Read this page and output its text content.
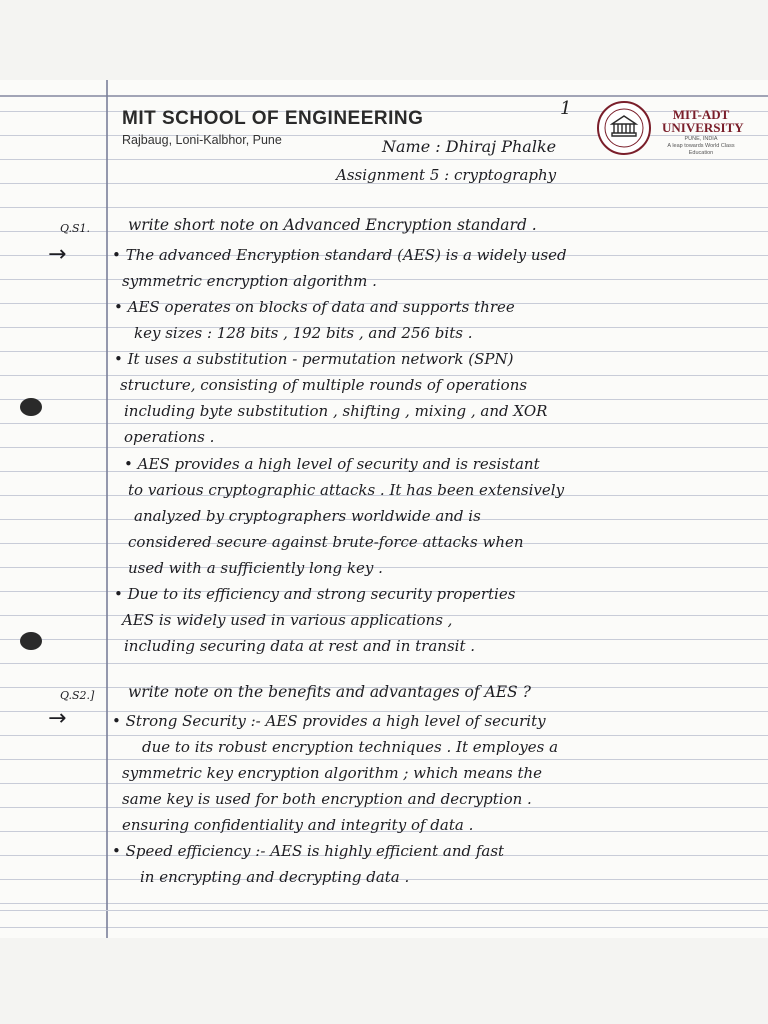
MIT SCHOOL OF ENGINEERING
Rajbaug, Loni-Kalbhor, Pune
1	MIT-ADT UNIVERSITY
PUNE, INDIA
A leap towards World Class Education
Name : Dhiraj Phalke
Assignment 5 : cryptography
Q.S1. write short note on Advanced Encryption standard .
→	• The advanced Encryption standard (AES) is a widely used
symmetric encryption algorithm .
• AES operates on blocks of data and supports three
key sizes : 128 bits , 192 bits , and 256 bits .
• It uses a substitution - permutation network (SPN)
structure, consisting of multiple rounds of operations
including byte substitution , shifting , mixing , and XOR
operations .
• AES provides a high level of security and is resistant
to various cryptographic attacks . It has been extensively
analyzed by cryptographers worldwide and is
considered secure against brute-force attacks when
used with a sufficiently long key .
• Due to its efficiency and strong security properties
AES is widely used in various applications ,
including securing data at rest and in transit .
Q.S2.] write note on the benefits and advantages of AES ?
→	• Strong Security :- AES provides a high level of security
due to its robust encryption techniques . It employes a
symmetric key encryption algorithm ; which means the
same key is used for both encryption and decryption .
ensuring confidentiality and integrity of data .
• Speed efficiency :- AES is highly efficient and fast
in encrypting and decrypting data .
